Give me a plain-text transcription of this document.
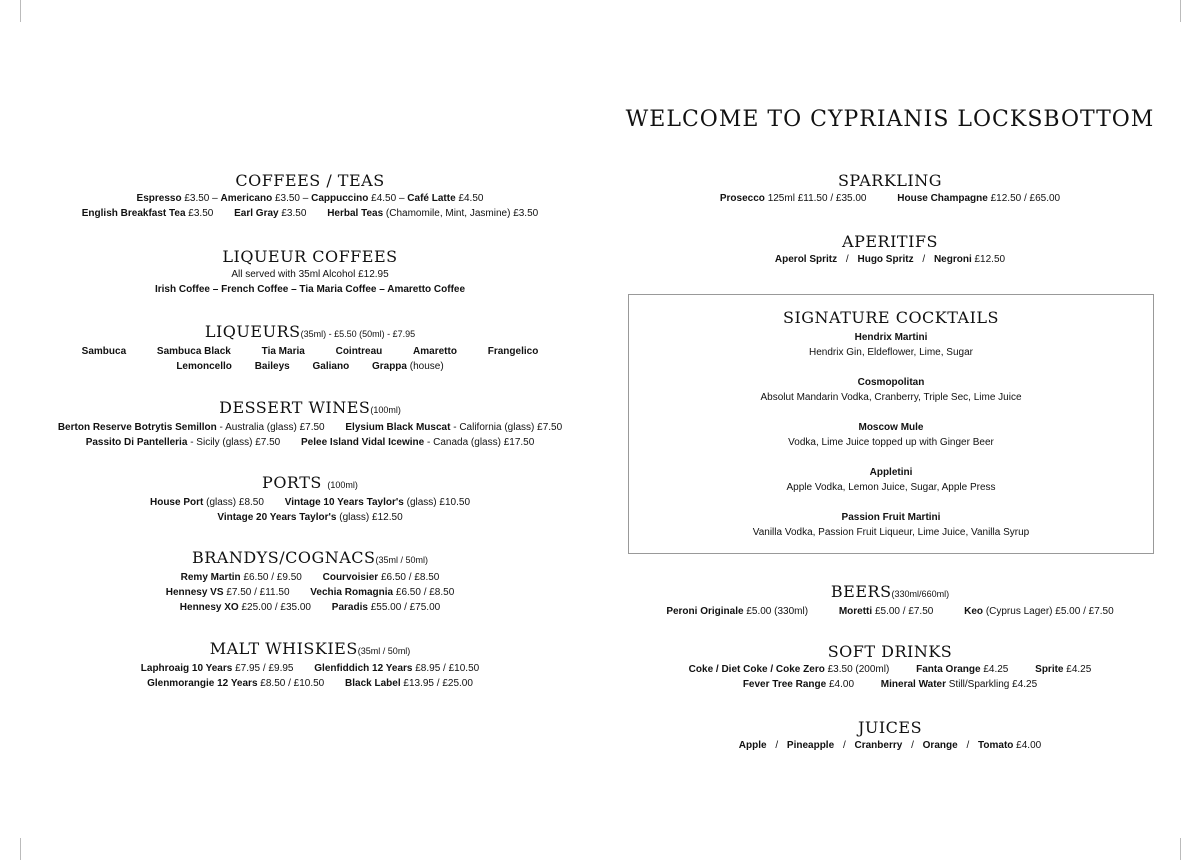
WELCOME TO CYPRIANIS LOCKSBOTTOM
COFFEES / TEAS
Espresso £3.50 – Americano £3.50 – Cappuccino £4.50 – Café Latte £4.50
English Breakfast Tea £3.50 Earl Gray £3.50 Herbal Teas (Chamomile, Mint, Jasmine) £3.50
LIQUEUR COFFEES
All served with 35ml Alcohol £12.95
Irish Coffee – French Coffee – Tia Maria Coffee – Amaretto Coffee
LIQUEURS(35ml) - £5.50 (50ml) - £7.95
Sambuca	Sambuca Black	Tia Maria	Cointreau	Amaretto	Frangelico
Lemoncello Baileys Galiano Grappa (house)
DESSERT WINES(100ml)
Berton Reserve Botrytis Semillon - Australia (glass) £7.50 Elysium Black Muscat - California (glass) £7.50
Passito Di Pantelleria - Sicily (glass) £7.50 Pelee Island Vidal Icewine - Canada (glass) £17.50
PORTS (100ml)
House Port (glass) £8.50 Vintage 10 Years Taylor's (glass) £10.50
Vintage 20 Years Taylor's (glass) £12.50
BRANDYS/COGNACS(35ml / 50ml)
Remy Martin £6.50 / £9.50 Courvoisier £6.50 / £8.50
Hennesy VS £7.50 / £11.50 Vechia Romagnia £6.50 / £8.50
Hennesy XO £25.00 / £35.00 Paradis £55.00 / £75.00
MALT WHISKIES(35ml / 50ml)
Laphroaig 10 Years £7.95 / £9.95 Glenfiddich 12 Years £8.95 / £10.50
Glenmorangie 12 Years £8.50 / £10.50 Black Label £13.95 / £25.00
SPARKLING
Prosecco 125ml £11.50 / £35.00	House Champagne £12.50 / £65.00
APERITIFS
Aperol Spritz / Hugo Spritz / Negroni £12.50
BEERS(330ml/660ml)
Peroni Originale £5.00 (330ml)	Moretti £5.00 / £7.50	Keo (Cyprus Lager) £5.00 / £7.50
SOFT DRINKS
Coke / Diet Coke / Coke Zero £3.50 (200ml)	Fanta Orange £4.25	Sprite £4.25
Fever Tree Range £4.00	Mineral Water Still/Sparkling £4.25
JUICES
Apple / Pineapple / Cranberry / Orange / Tomato £4.00
SIGNATURE COCKTAILS
Hendrix Martini
Hendrix Gin, Eldeflower, Lime, Sugar
Cosmopolitan
Absolut Mandarin Vodka, Cranberry, Triple Sec, Lime Juice
Moscow Mule
Vodka, Lime Juice topped up with Ginger Beer
Appletini
Apple Vodka, Lemon Juice, Sugar, Apple Press
Passion Fruit Martini
Vanilla Vodka, Passion Fruit Liqueur, Lime Juice, Vanilla Syrup
